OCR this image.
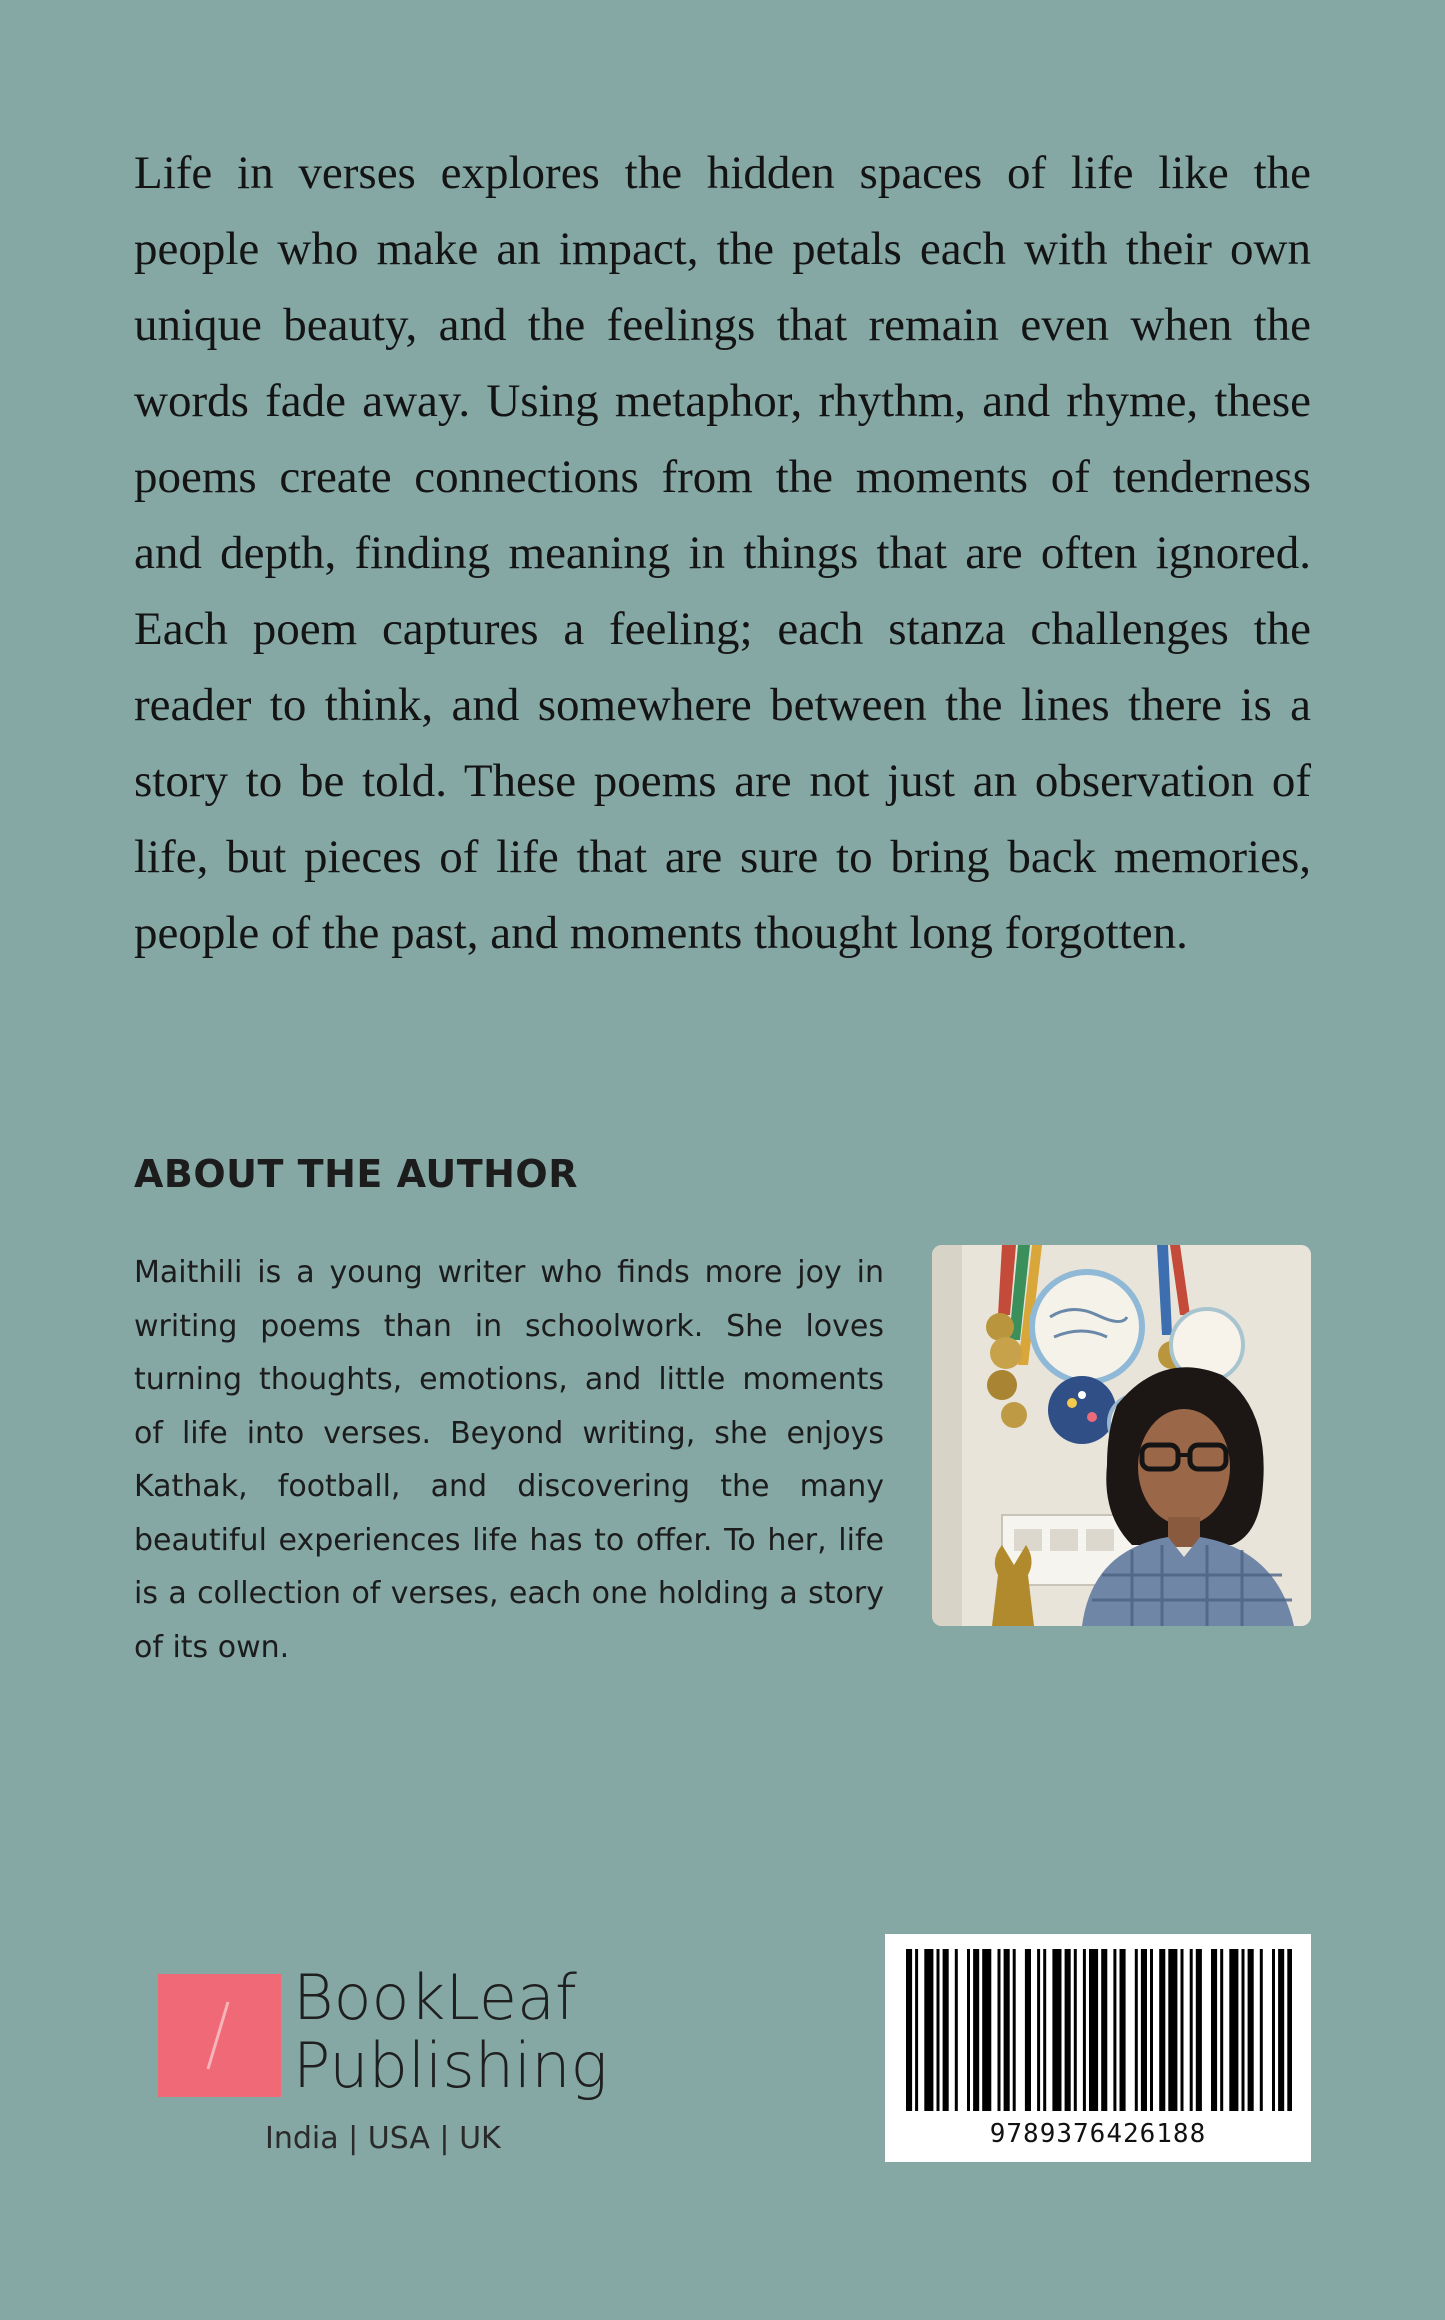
Life in verses explores the hidden spaces of life like the people who make an impact, the petals each with their own unique beauty, and the feelings that remain even when the words fade away. Using metaphor, rhythm, and rhyme, these poems create connections from the moments of tenderness and depth, finding meaning in things that are often ignored. Each poem captures a feeling; each stanza challenges the reader to think, and somewhere between the lines there is a story to be told. These poems are not just an observation of life, but pieces of life that are sure to bring back memories, people of the past, and moments thought long forgotten.

ABOUT THE AUTHOR

Maithili is a young writer who finds more joy in writing poems than in schoolwork. She loves turning thoughts, emotions, and little moments of life into verses. Beyond writing, she enjoys Kathak, football, and discovering the many beautiful experiences life has to offer. To her, life is a collection of verses, each one holding a story of its own.

BookLeaf
Publishing

India | USA | UK	9789376426188
